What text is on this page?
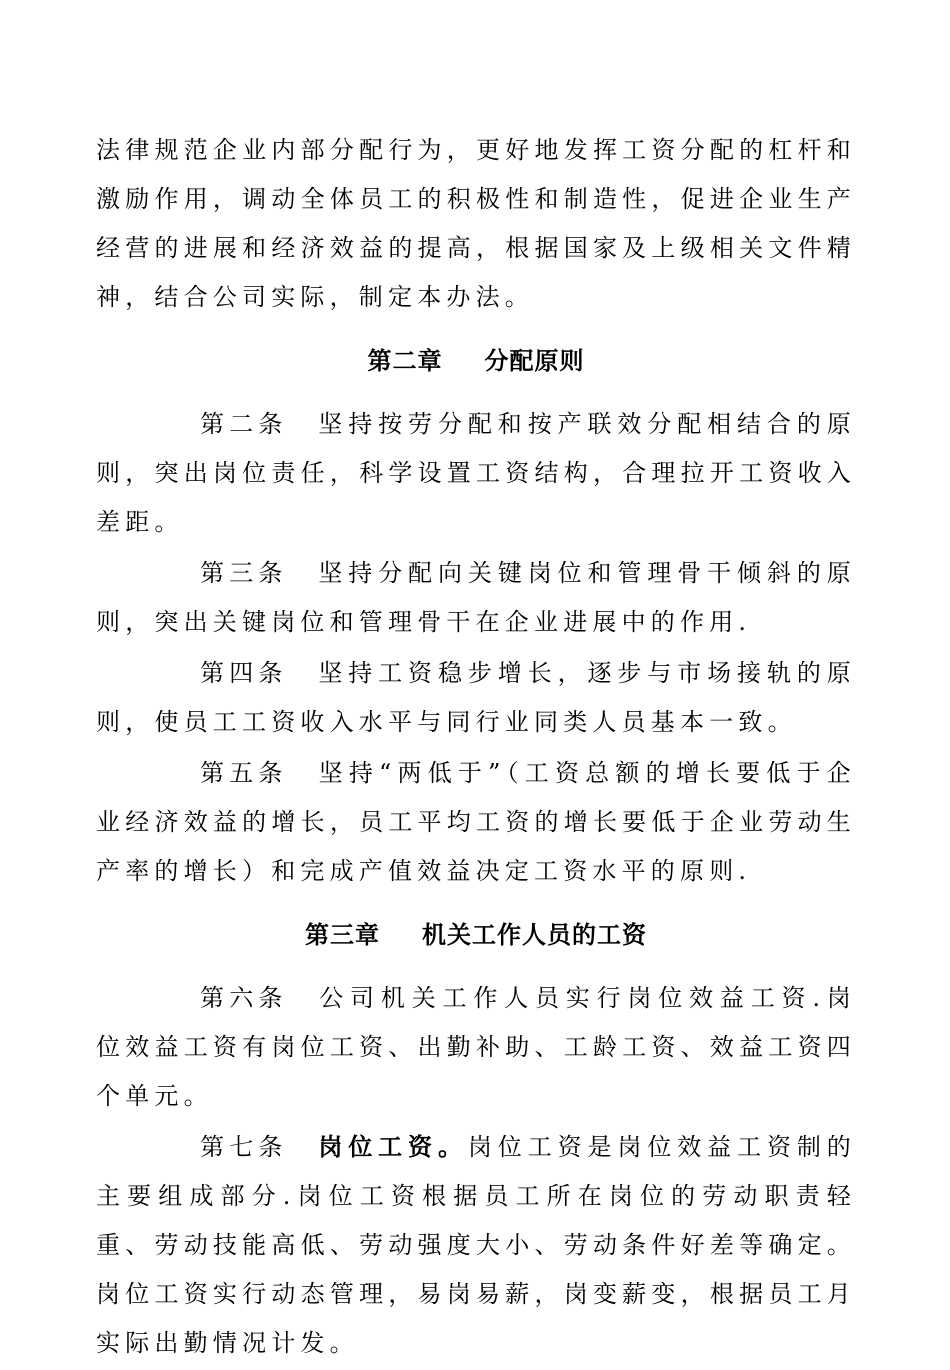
法律规范企业内部分配行为，更好地发挥工资分配的杠杆和激励作用，调动全体员工的积极性和制造性，促进企业生产经营的进展和经济效益的提高，根据国家及上级相关文件精神，结合公司实际，制定本办法。

第二章 分配原则

第二条 坚持按劳分配和按产联效分配相结合的原则，突出岗位责任，科学设置工资结构，合理拉开工资收入差距。

第三条 坚持分配向关键岗位和管理骨干倾斜的原则，突出关键岗位和管理骨干在企业进展中的作用.

第四条 坚持工资稳步增长，逐步与市场接轨的原则，使员工工资收入水平与同行业同类人员基本一致。

第五条 坚持“两低于”（工资总额的增长要低于企业经济效益的增长，员工平均工资的增长要低于企业劳动生产率的增长）和完成产值效益决定工资水平的原则.

第三章 机关工作人员的工资

第六条 公司机关工作人员实行岗位效益工资.岗位效益工资有岗位工资、出勤补助、工龄工资、效益工资四个单元。

第七条 岗位工资。岗位工资是岗位效益工资制的主要组成部分.岗位工资根据员工所在岗位的劳动职责轻重、劳动技能高低、劳动强度大小、劳动条件好差等确定。岗位工资实行动态管理，易岗易薪，岗变薪变，根据员工月实际出勤情况计发。
